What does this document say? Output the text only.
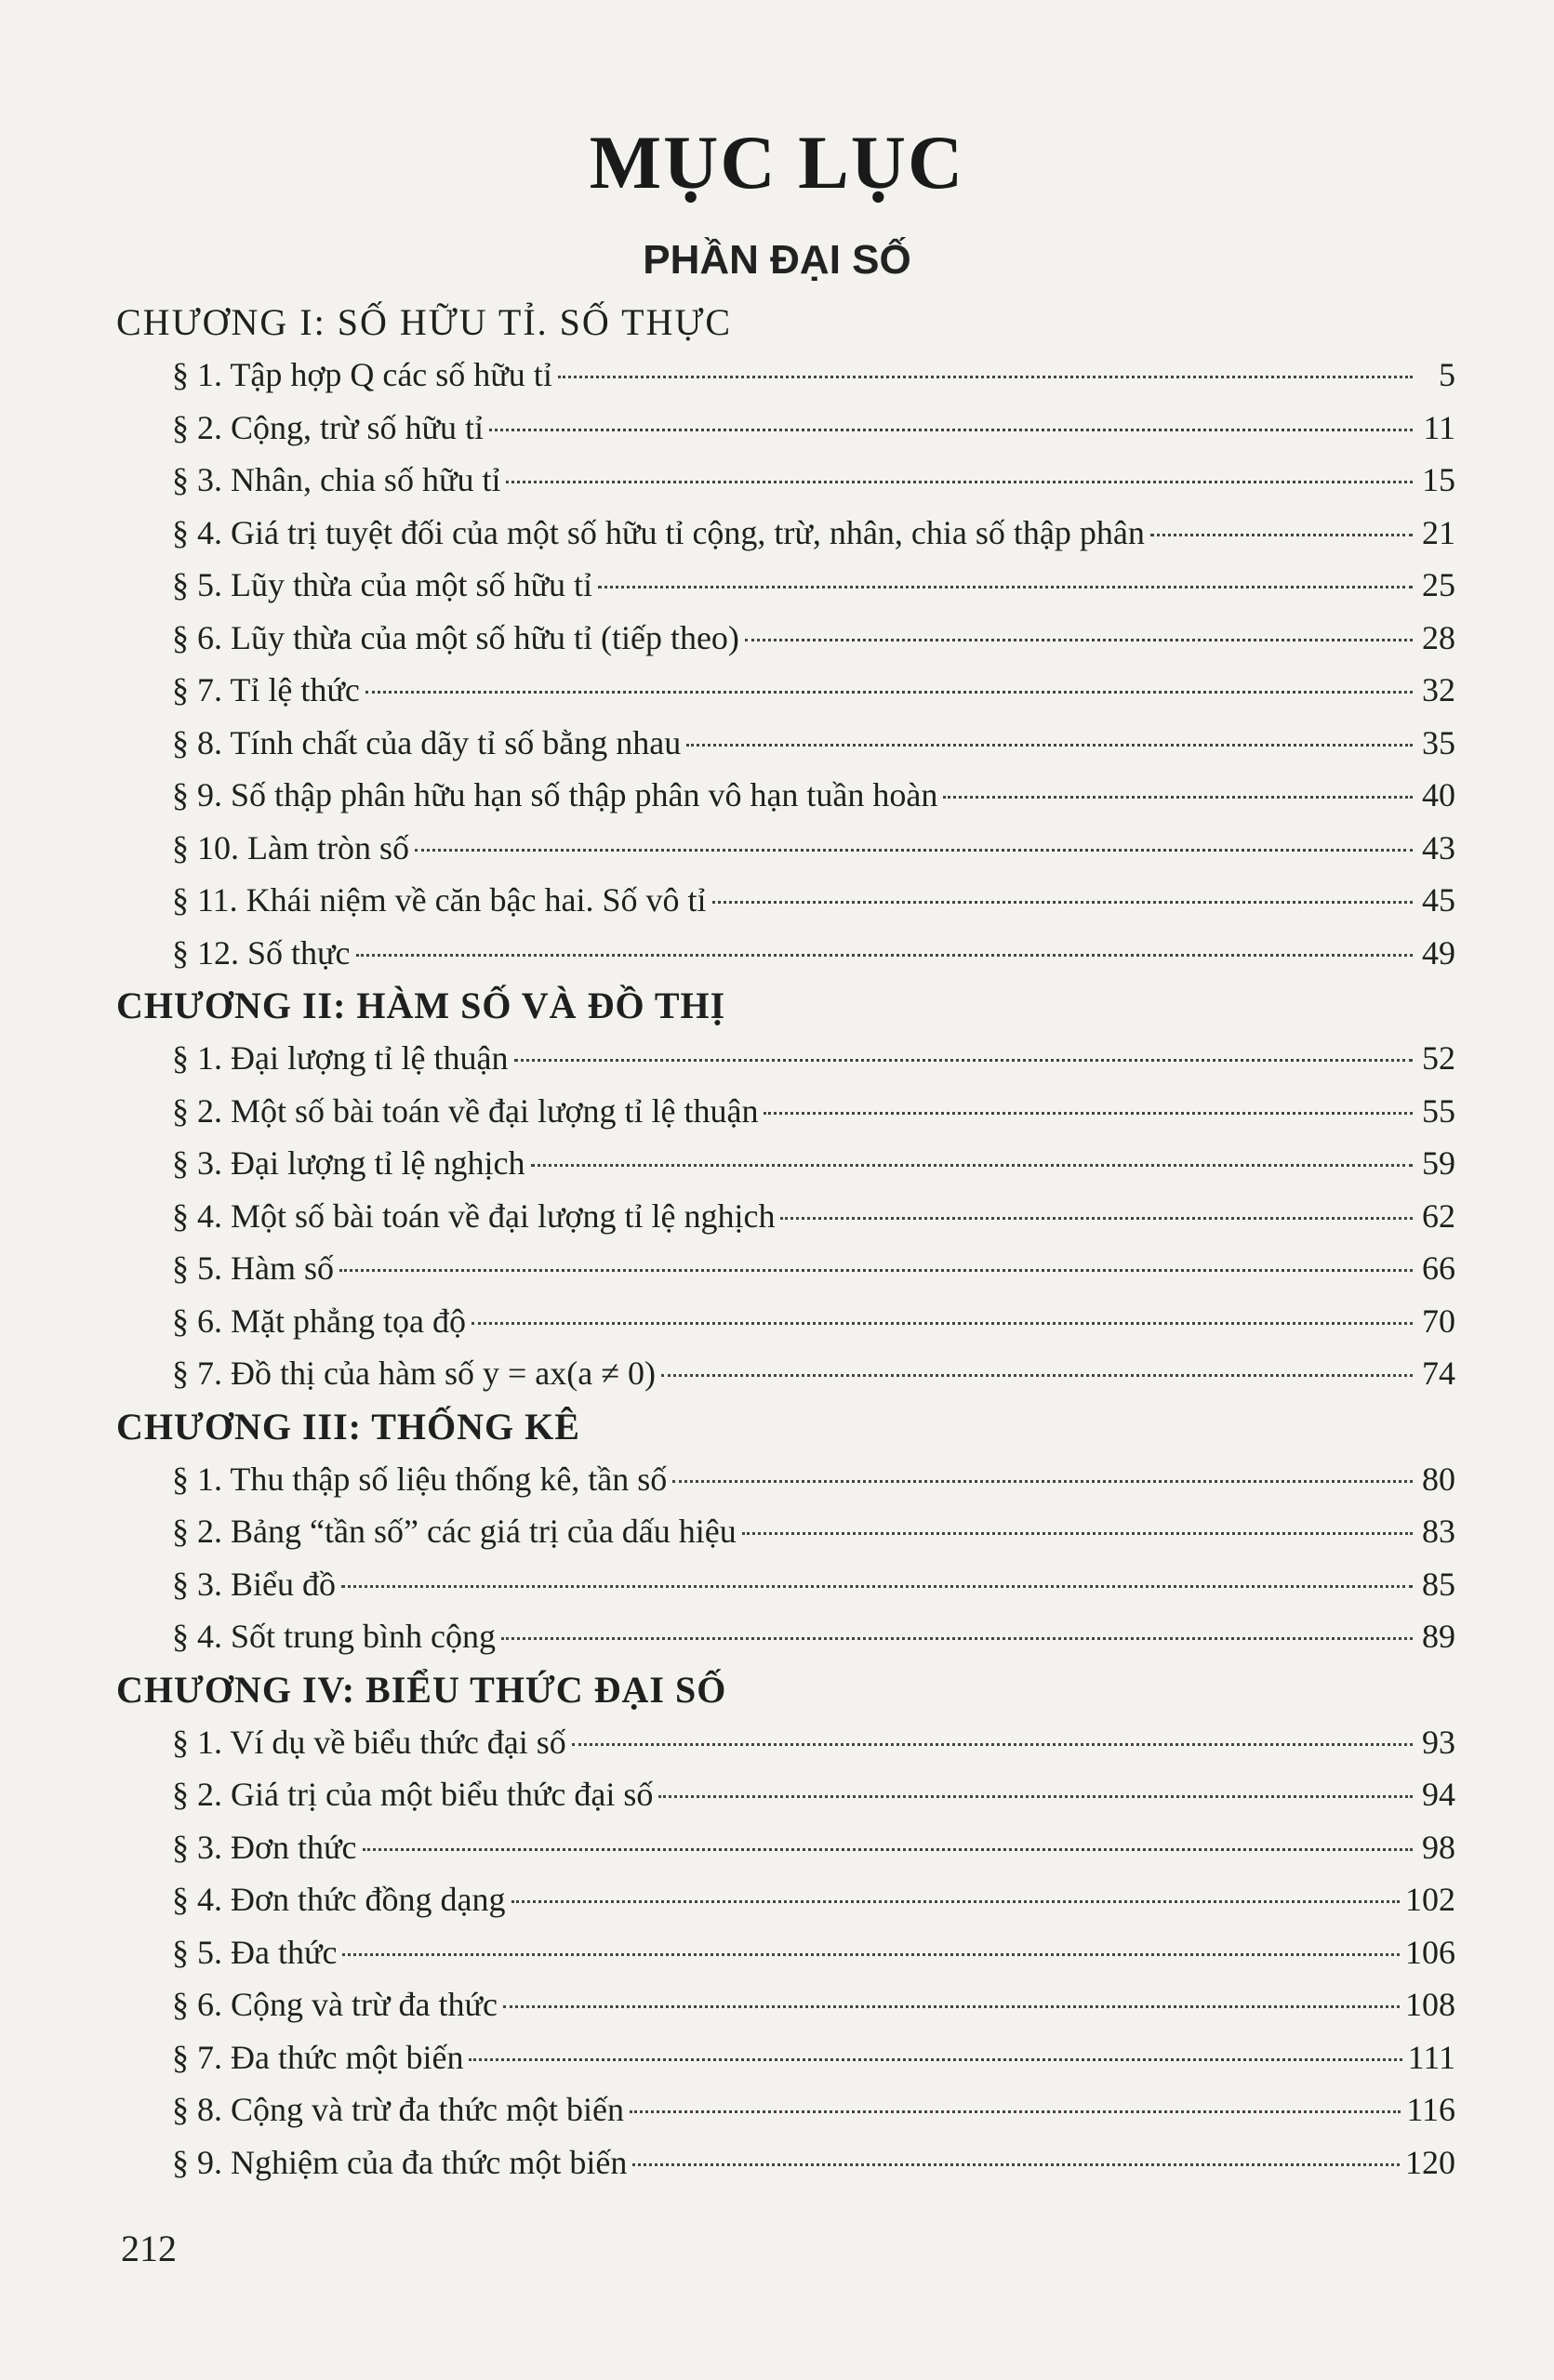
MỤC LỤC
PHẦN ĐẠI SỐ
CHƯƠNG I: SỐ HỮU TỈ. SỐ THỰC
§ 1. Tập hợp Q các số hữu tỉ	5
§ 2. Cộng, trừ số hữu tỉ	11
§ 3. Nhân, chia số hữu tỉ	15
§ 4. Giá trị tuyệt đối của một số hữu tỉ cộng, trừ, nhân, chia số thập phân	21
§ 5. Lũy thừa của một số hữu tỉ	25
§ 6. Lũy thừa của một số hữu tỉ (tiếp theo)	28
§ 7. Tỉ lệ thức	32
§ 8. Tính chất của dãy tỉ số bằng nhau	35
§ 9. Số thập phân hữu hạn số thập phân vô hạn tuần hoàn	40
§ 10. Làm tròn số	43
§ 11. Khái niệm về căn bậc hai. Số vô tỉ	45
§ 12. Số thực	49
CHƯƠNG II: HÀM SỐ VÀ ĐỒ THỊ
§ 1. Đại lượng tỉ lệ thuận	52
§ 2. Một số bài toán về đại lượng tỉ lệ thuận	55
§ 3. Đại lượng tỉ lệ nghịch	59
§ 4. Một số bài toán về đại lượng tỉ lệ nghịch	62
§ 5. Hàm số	66
§ 6. Mặt phẳng tọa độ	70
§ 7. Đồ thị của hàm số y = ax(a ≠ 0)	74
CHƯƠNG III: THỐNG KÊ
§ 1. Thu thập số liệu thống kê, tần số	80
§ 2. Bảng “tần số” các giá trị của dấu hiệu	83
§ 3. Biểu đồ	85
§ 4. Sốt trung bình cộng	89
CHƯƠNG IV: BIỂU THỨC ĐẠI SỐ
§ 1. Ví dụ về biểu thức đại số	93
§ 2. Giá trị của một biểu thức đại số	94
§ 3. Đơn thức	98
§ 4. Đơn thức đồng dạng	102
§ 5. Đa thức	106
§ 6. Cộng và trừ đa thức	108
§ 7. Đa thức một biến	111
§ 8. Cộng và trừ đa thức một biến	116
§ 9. Nghiệm của đa thức một biến	120
212
